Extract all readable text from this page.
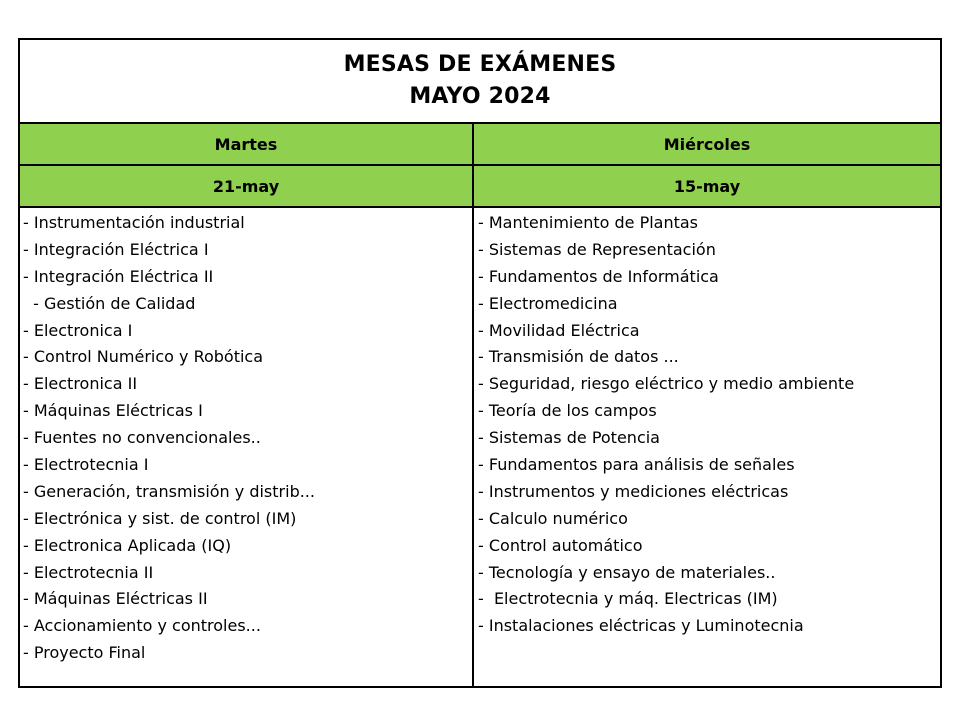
MESAS DE EXÁMENES
MAYO 2024
Martes	Miércoles
21-may	15-may
- Instrumentación industrial
- Integración Eléctrica I
- Integración Eléctrica II
- Gestión de Calidad
- Electronica I
- Control Numérico y Robótica
- Electronica II
- Máquinas Eléctricas I
- Fuentes no convencionales..
- Electrotecnia I
- Generación, transmisión y distrib...
- Electrónica y sist. de control (IM)
- Electronica Aplicada (IQ)
- Electrotecnia II
- Máquinas Eléctricas II
- Accionamiento y controles...
- Proyecto Final
- Mantenimiento de Plantas
- Sistemas de Representación
- Fundamentos de Informática
- Electromedicina
- Movilidad Eléctrica
- Transmisión de datos ...
- Seguridad, riesgo eléctrico y medio ambiente
- Teoría de los campos
- Sistemas de Potencia
- Fundamentos para análisis de señales
- Instrumentos y mediciones eléctricas
- Calculo numérico
- Control automático
- Tecnología y ensayo de materiales..
-  Electrotecnia y máq. Electricas (IM)
- Instalaciones eléctricas y Luminotecnia
